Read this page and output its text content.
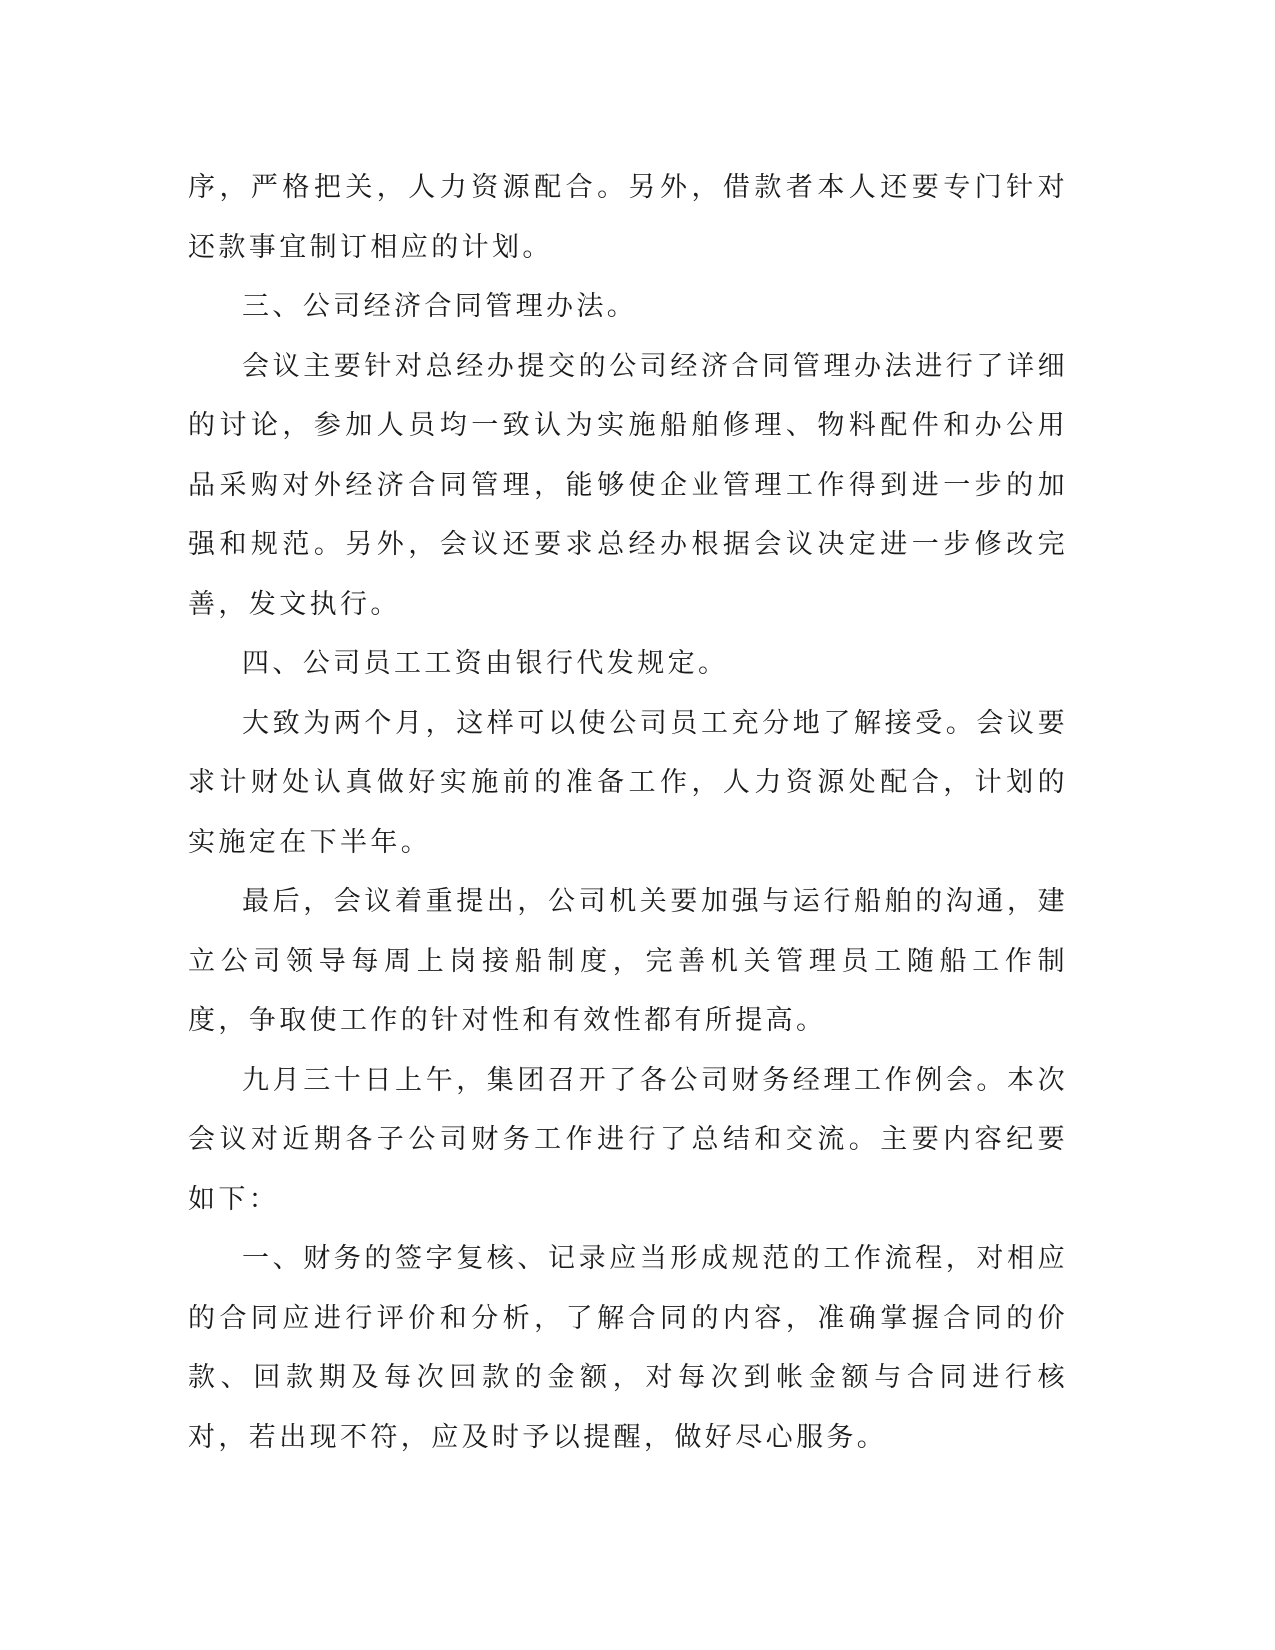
序，严格把关，人力资源配合。另外，借款者本人还要专门针对还款事宜制订相应的计划。

三、公司经济合同管理办法。

会议主要针对总经办提交的公司经济合同管理办法进行了详细的讨论，参加人员均一致认为实施船舶修理、物料配件和办公用品采购对外经济合同管理，能够使企业管理工作得到进一步的加强和规范。另外，会议还要求总经办根据会议决定进一步修改完善，发文执行。

四、公司员工工资由银行代发规定。

大致为两个月，这样可以使公司员工充分地了解接受。会议要求计财处认真做好实施前的准备工作，人力资源处配合，计划的实施定在下半年。

最后，会议着重提出，公司机关要加强与运行船舶的沟通，建立公司领导每周上岗接船制度，完善机关管理员工随船工作制度，争取使工作的针对性和有效性都有所提高。

九月三十日上午，集团召开了各公司财务经理工作例会。本次会议对近期各子公司财务工作进行了总结和交流。主要内容纪要如下：

一、财务的签字复核、记录应当形成规范的工作流程，对相应的合同应进行评价和分析，了解合同的内容，准确掌握合同的价款、回款期及每次回款的金额，对每次到帐金额与合同进行核对，若出现不符，应及时予以提醒，做好尽心服务。
